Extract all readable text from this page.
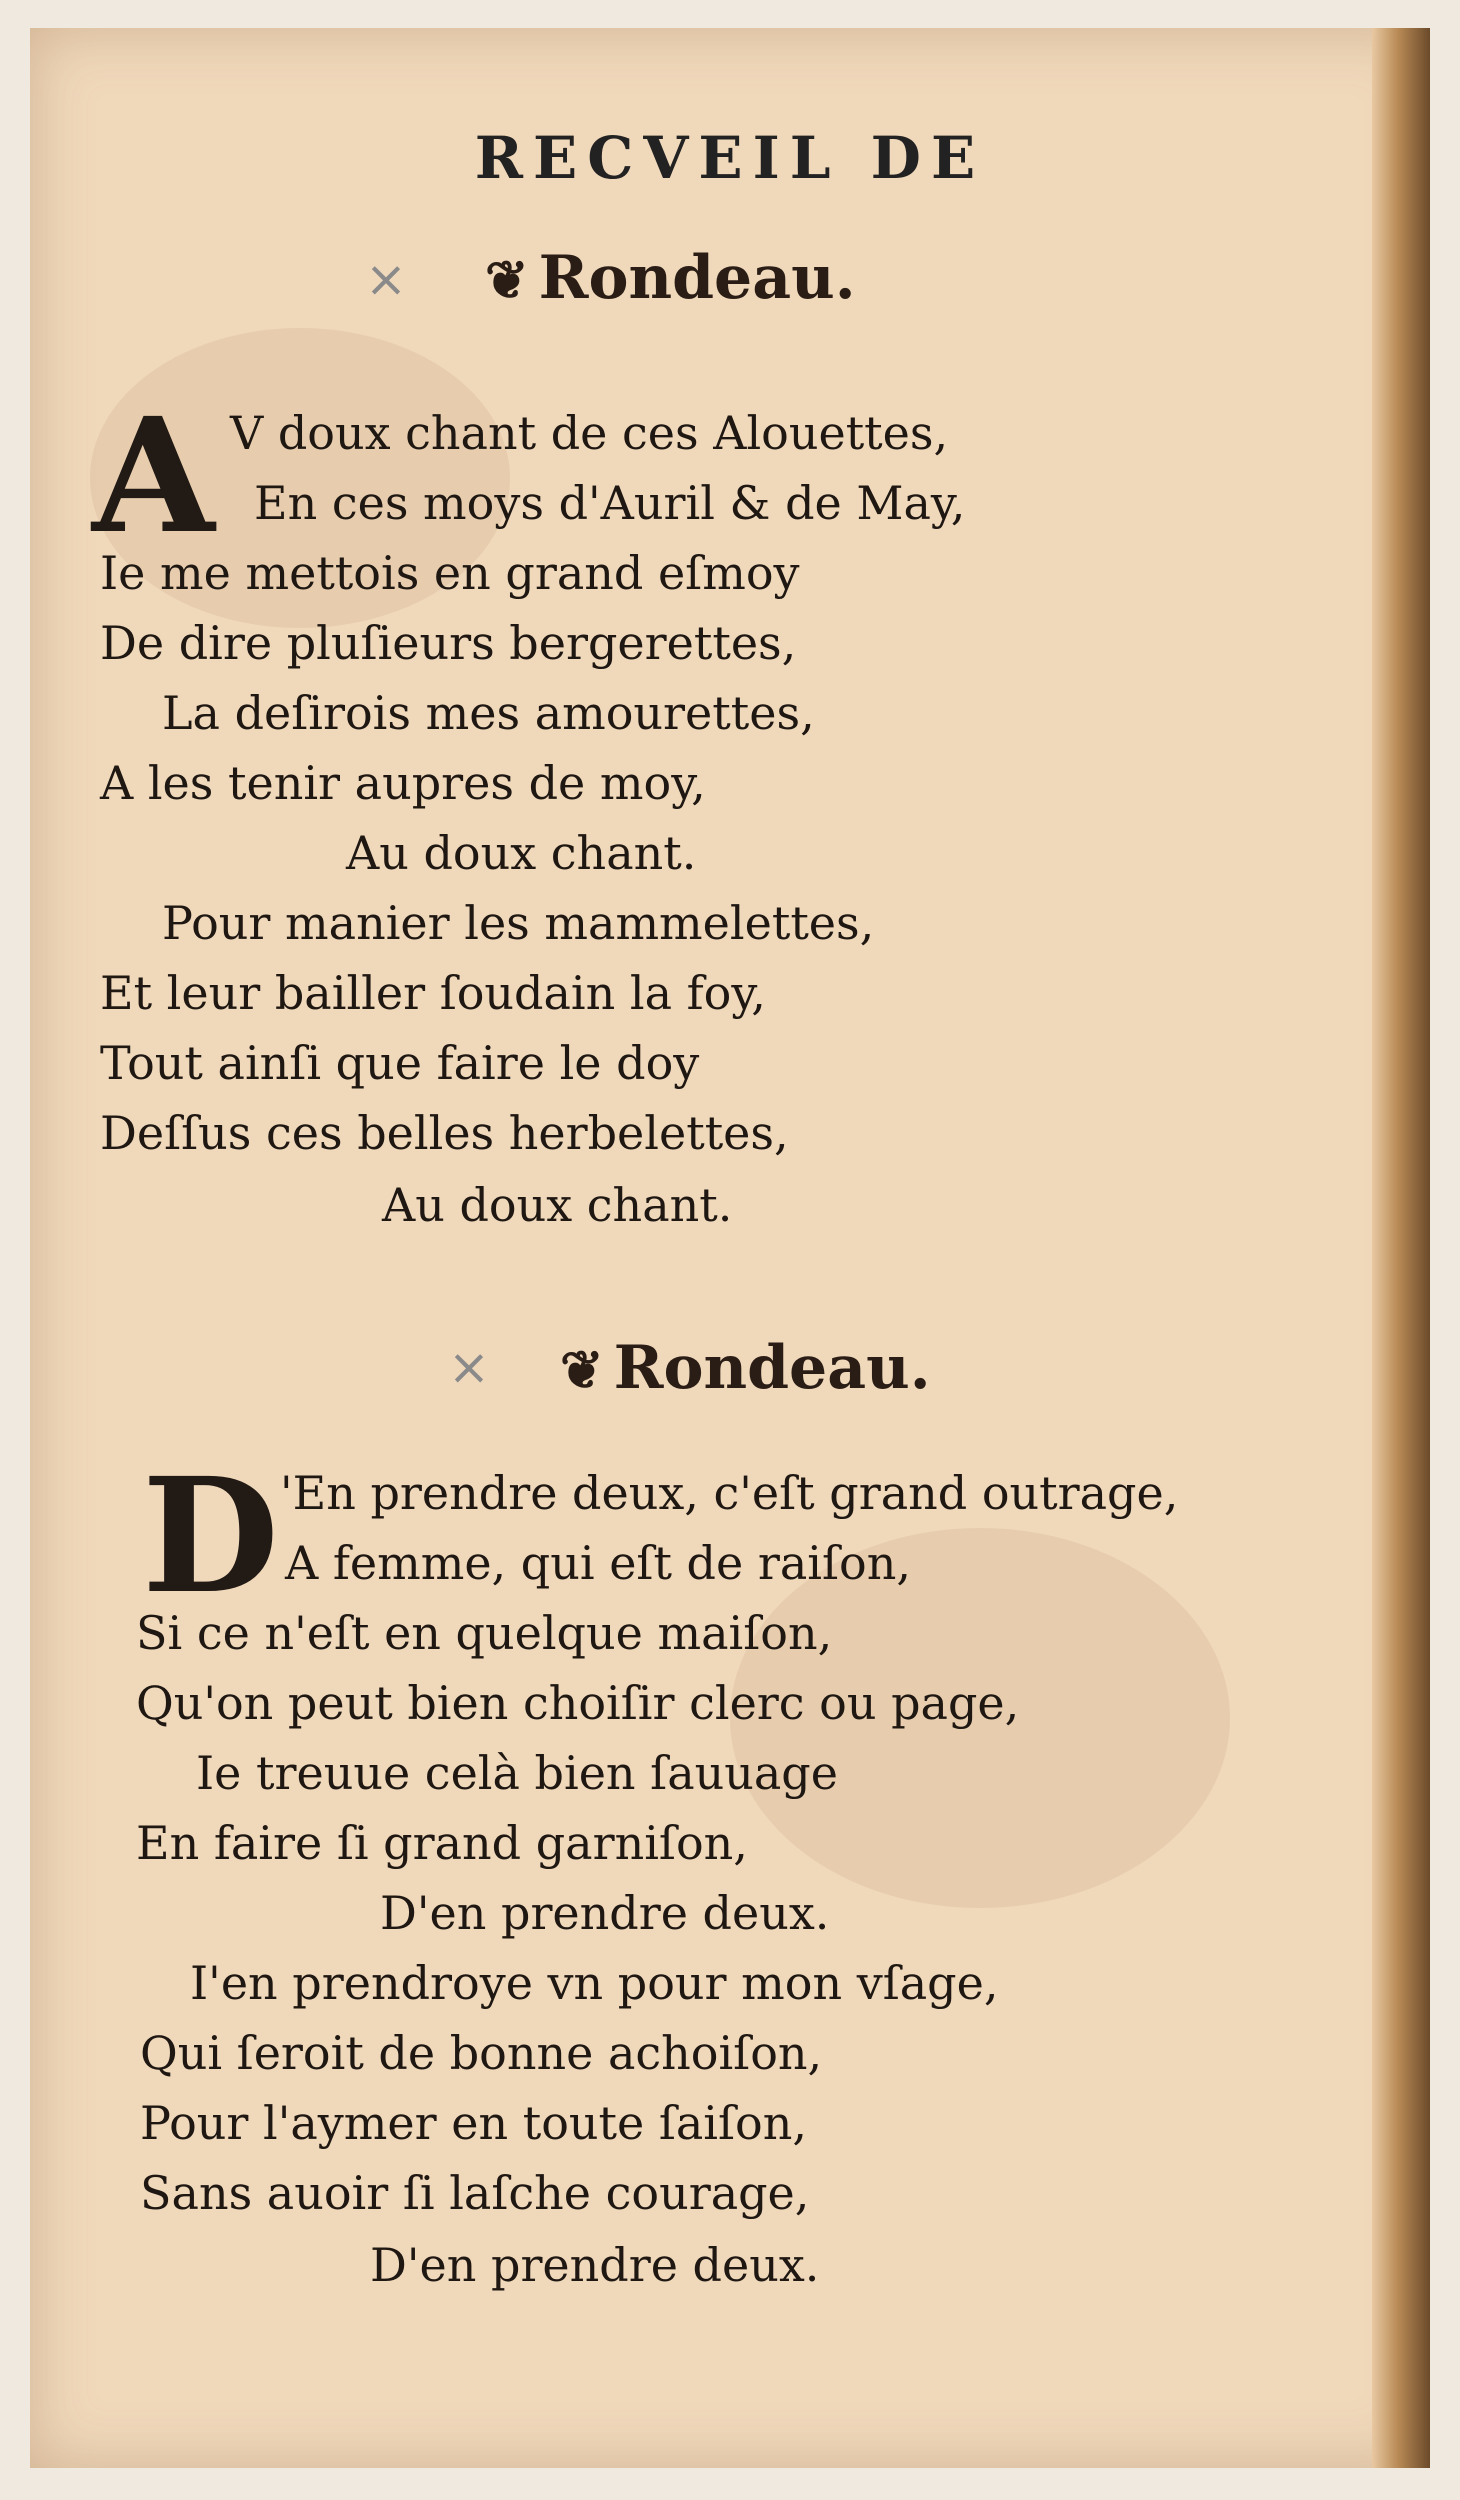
RECVEIL DE
× ❦ Rondeau.
A V doux chant de ces Alouettes,
En ces moys d'Auril & de May,
Ie me mettois en grand eſmoy
De dire pluſieurs bergerettes,
La deſirois mes amourettes,
A les tenir aupres de moy,
Au doux chant.
Pour manier les mammelettes,
Et leur bailler ſoudain la foy,
Tout ainſi que faire le doy
Deſſus ces belles herbelettes,
Au doux chant.
× ❦ Rondeau.
D 'En prendre deux, c'eſt grand outrage,
A femme, qui eſt de raiſon,
Si ce n'eſt en quelque maiſon,
Qu'on peut bien choiſir clerc ou page,
Ie treuue celà bien ſauuage
En faire ſi grand garniſon,
D'en prendre deux.
I'en prendroye vn pour mon vſage,
Qui ſeroit de bonne achoiſon,
Pour l'aymer en toute ſaiſon,
Sans auoir ſi laſche courage,
D'en prendre deux.
